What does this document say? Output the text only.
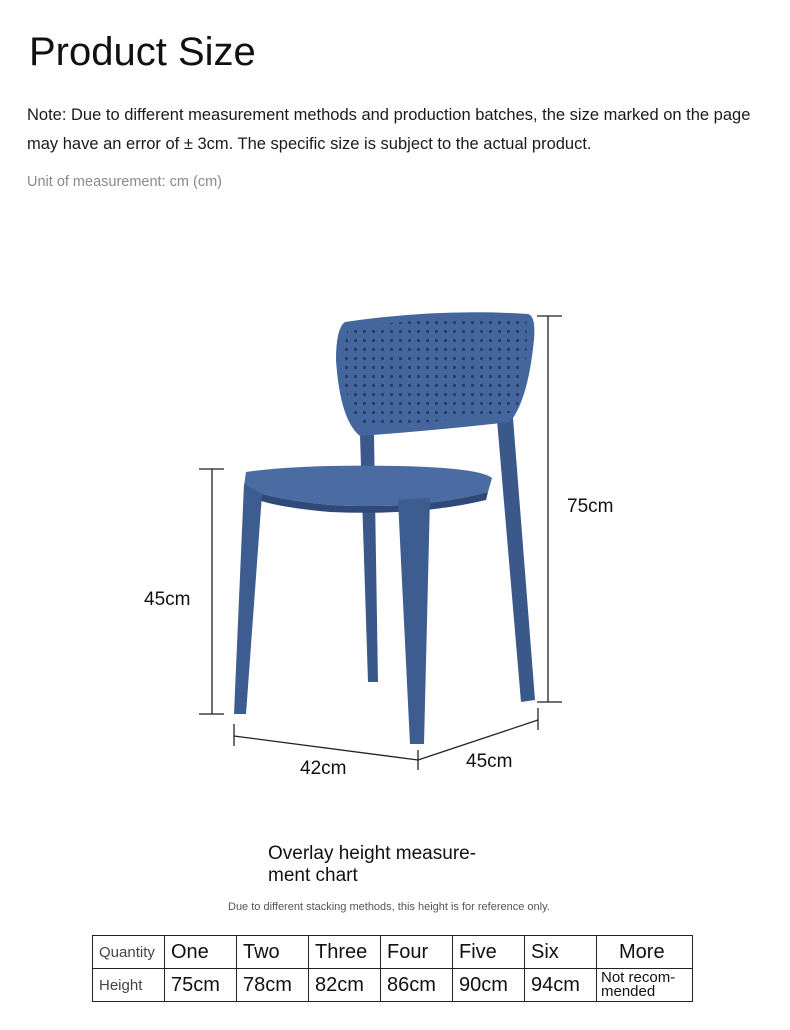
Product Size
Note: Due to different measurement methods and production batches, the size marked on the page may have an error of ± 3cm. The specific size is subject to the actual product.
Unit of measurement: cm (cm)
45cm
75cm
42cm	45cm
Overlay height measure-
ment chart
Due to different stacking methods, this height is for reference only.
Quantity	One	Two	Three	Four	Five	Six	More
Height	75cm	78cm	82cm	86cm	90cm	94cm	Not recom-
mended
